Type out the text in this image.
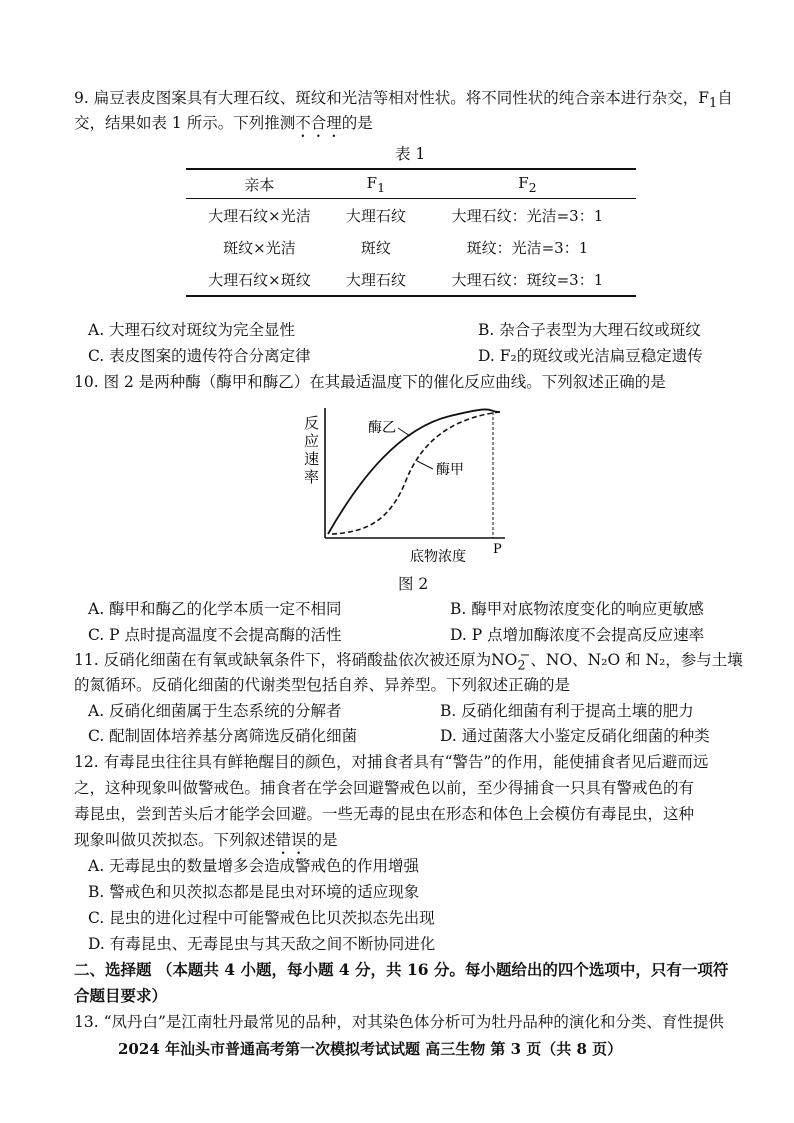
9. 扁豆表皮图案具有大理石纹、斑纹和光洁等相对性状。将不同性状的纯合亲本进行杂交，$F_1$自
交，结果如表 1 所示。下列推测不合理的是
表 1
亲本	$F_1$	$F_2$
大理石纹×光洁	大理石纹	大理石纹：光洁=3：1
斑纹×光洁	斑纹	斑纹：光洁=3：1
大理石纹×斑纹	大理石纹	大理石纹：斑纹=3：1
A. 大理石纹对斑纹为完全显性	B. 杂合子表型为大理石纹或斑纹
C. 表皮图案的遗传符合分离定律	D. F₂的斑纹或光洁扁豆稳定遗传
10. 图 2 是两种酶（酶甲和酶乙）在其最适温度下的催化反应曲线。下列叙述正确的是
反
应
速
率
酶乙
酶甲
底物浓度 P
图 2
A. 酶甲和酶乙的化学本质一定不相同	B. 酶甲对底物浓度变化的响应更敏感
C. P 点时提高温度不会提高酶的活性	D. P 点增加酶浓度不会提高反应速率
11. 反硝化细菌在有氧或缺氧条件下，将硝酸盐依次被还原为$NO_2^-$、NO、N₂O 和 N₂，参与土壤
的氮循环。反硝化细菌的代谢类型包括自养、异养型。下列叙述正确的是
A. 反硝化细菌属于生态系统的分解者	B. 反硝化细菌有利于提高土壤的肥力
C. 配制固体培养基分离筛选反硝化细菌	D. 通过菌落大小鉴定反硝化细菌的种类
12. 有毒昆虫往往具有鲜艳醒目的颜色，对捕食者具有“警告”的作用，能使捕食者见后避而远
之，这种现象叫做警戒色。捕食者在学会回避警戒色以前，至少得捕食一只具有警戒色的有
毒昆虫，尝到苦头后才能学会回避。一些无毒的昆虫在形态和体色上会模仿有毒昆虫，这种
现象叫做贝茨拟态。下列叙述错误的是
A. 无毒昆虫的数量增多会造成警戒色的作用增强
B. 警戒色和贝茨拟态都是昆虫对环境的适应现象
C. 昆虫的进化过程中可能警戒色比贝茨拟态先出现
D. 有毒昆虫、无毒昆虫与其天敌之间不断协同进化
二、选择题 （本题共 4 小题，每小题 4 分，共 16 分。每小题给出的四个选项中，只有一项符
合题目要求）
13. “凤丹白”是江南牡丹最常见的品种，对其染色体分析可为牡丹品种的演化和分类、育性提供
2024 年汕头市普通高考第一次模拟考试试题 高三生物 第 3 页（共 8 页）
